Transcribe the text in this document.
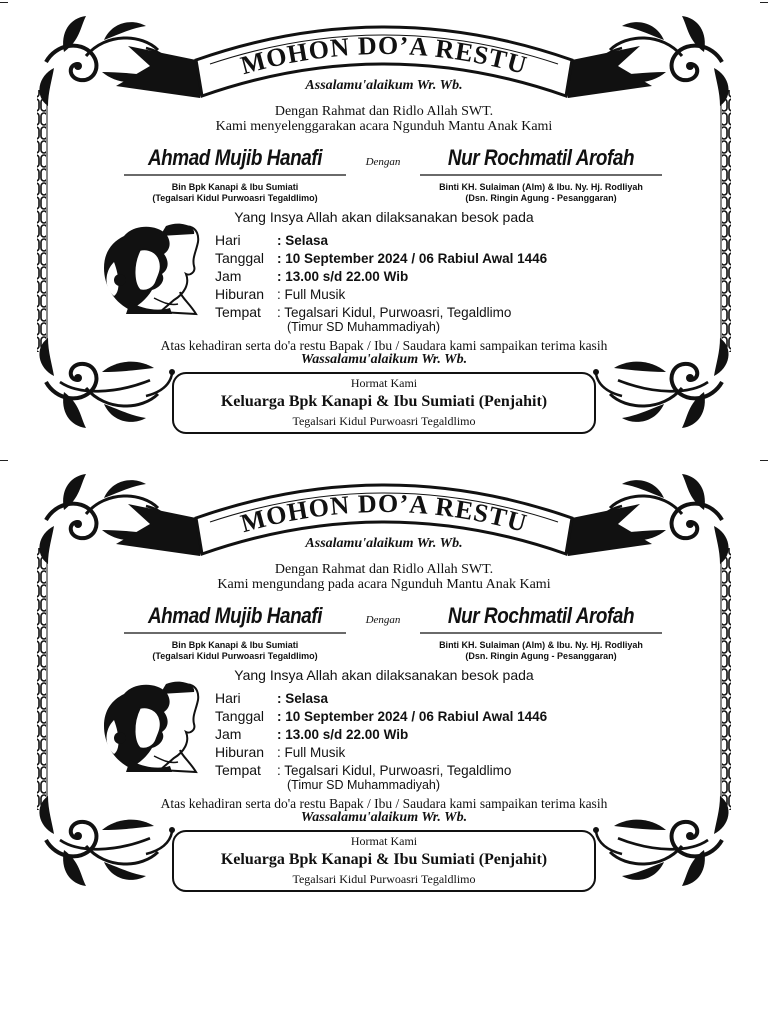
MOHON DO’A RESTU
Assalamu'alaikum Wr. Wb.
Dengan Rahmat dan Ridlo Allah SWT.
Kami menyelenggarakan acara Ngunduh Mantu Anak Kami
Ahmad Mujib Hanafi	Dengan	Nur Rochmatil Arofah
Bin Bpk Kanapi & Ibu Sumiati
(Tegalsari Kidul Purwoasri Tegaldlimo)
Binti KH. Sulaiman (Alm) & Ibu. Ny. Hj. Rodliyah
(Dsn. Ringin Agung - Pesanggaran)
Yang Insya Allah akan dilaksanakan besok pada
Hari	: Selasa
Tanggal : 10 September 2024 / 06 Rabiul Awal 1446
Jam	: 13.00 s/d 22.00 Wib
Hiburan : Full Musik
Tempat : Tegalsari Kidul, Purwoasri, Tegaldlimo
(Timur SD Muhammadiyah)
Atas kehadiran serta do'a restu Bapak / Ibu / Saudara kami sampaikan terima kasih
Wassalamu'alaikum Wr. Wb.
Hormat Kami
Keluarga Bpk Kanapi & Ibu Sumiati (Penjahit)
Tegalsari Kidul Purwoasri Tegaldlimo
MOHON DO’A RESTU
Assalamu'alaikum Wr. Wb.
Dengan Rahmat dan Ridlo Allah SWT.
Kami mengundang pada acara Ngunduh Mantu Anak Kami
Ahmad Mujib Hanafi	Dengan	Nur Rochmatil Arofah
Bin Bpk Kanapi & Ibu Sumiati
(Tegalsari Kidul Purwoasri Tegaldlimo)
Binti KH. Sulaiman (Alm) & Ibu. Ny. Hj. Rodliyah
(Dsn. Ringin Agung - Pesanggaran)
Yang Insya Allah akan dilaksanakan besok pada
Hari	: Selasa
Tanggal : 10 September 2024 / 06 Rabiul Awal 1446
Jam	: 13.00 s/d 22.00 Wib
Hiburan : Full Musik
Tempat : Tegalsari Kidul, Purwoasri, Tegaldlimo
(Timur SD Muhammadiyah)
Atas kehadiran serta do'a restu Bapak / Ibu / Saudara kami sampaikan terima kasih
Wassalamu'alaikum Wr. Wb.
Hormat Kami
Keluarga Bpk Kanapi & Ibu Sumiati (Penjahit)
Tegalsari Kidul Purwoasri Tegaldlimo
